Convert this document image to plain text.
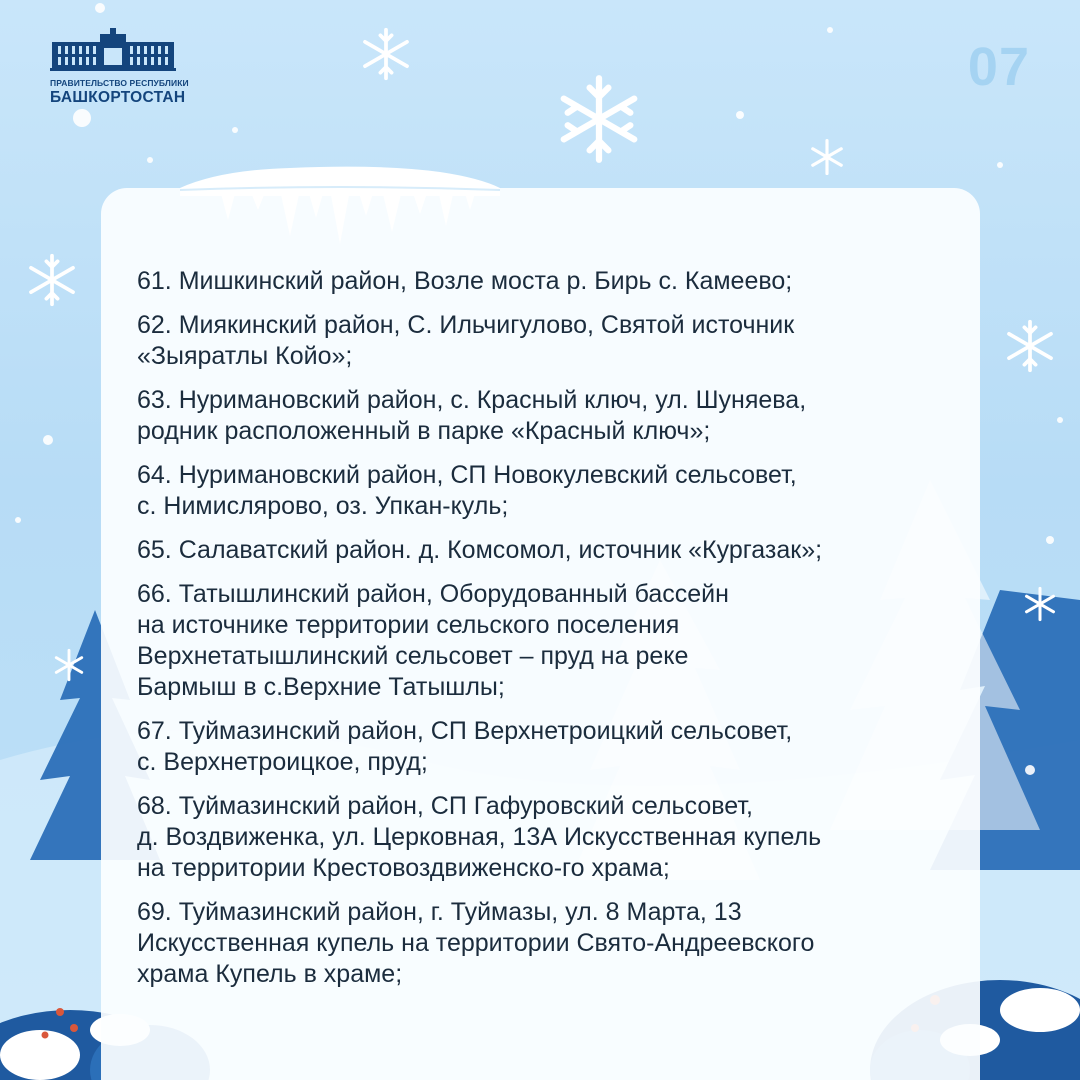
ПРАВИТЕЛЬСТВО РЕСПУБЛИКИ
БАШКОРТОСТАН
07
61. Мишкинский район, Возле моста р. Бирь с. Камеево;
62. Миякинский район, С. Ильчигулово, Святой источник
«Зыяратлы Койо»;
63. Нуримановский район, с. Красный ключ, ул. Шуняева,
родник расположенный в парке «Красный ключ»;
64. Нуримановский район, СП Новокулевский сельсовет,
с. Нимислярово, оз. Упкан-куль;
65. Салаватский район. д. Комсомол, источник «Кургазак»;
66. Татышлинский район, Оборудованный бассейн
на источнике территории сельского поселения
Верхнетатышлинский сельсовет – пруд на реке
Бармыш в с.Верхние Татышлы;
67. Туймазинский район, СП Верхнетроицкий сельсовет,
с. Верхнетроицкое, пруд;
68. Туймазинский район, СП Гафуровский сельсовет,
д. Воздвиженка, ул. Церковная, 13А Искусственная купель
на территории Крестовоздвиженско-го храма;
69. Туймазинский район, г. Туймазы, ул. 8 Марта, 13
Искусственная купель на территории Свято-Андреевского
храма Купель в храме;
